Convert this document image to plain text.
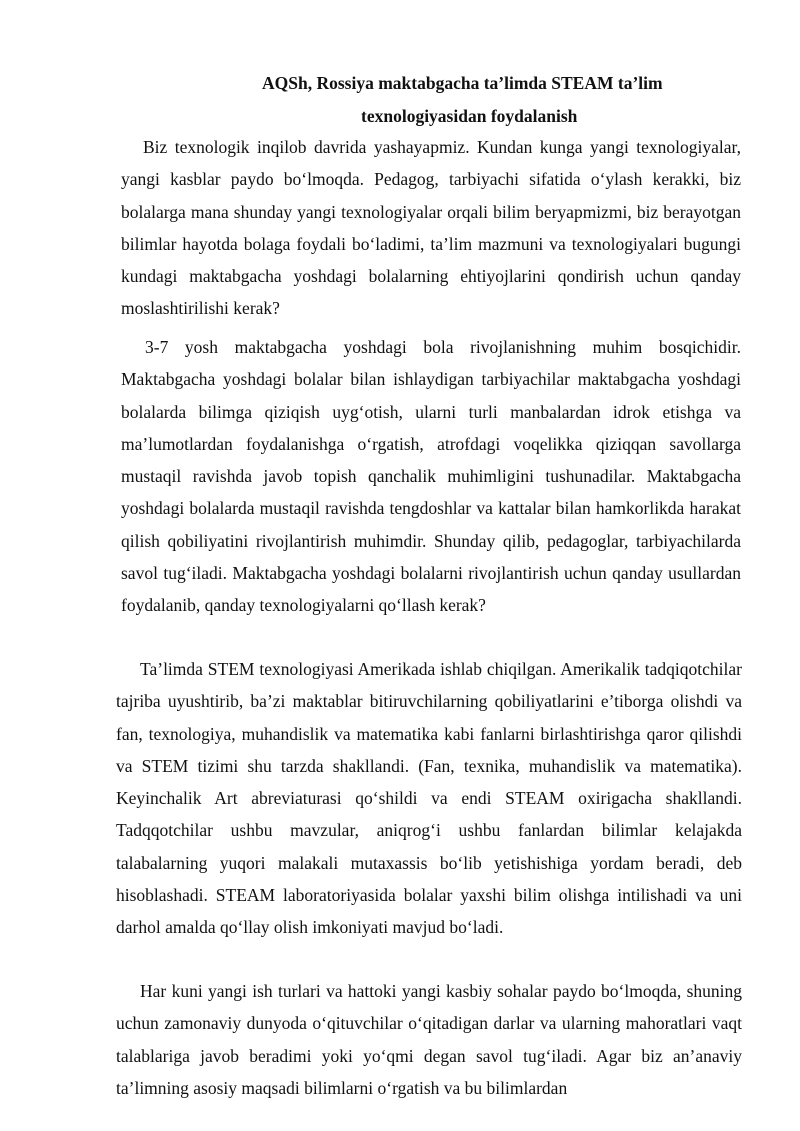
AQSh, Rossiya maktabgacha ta’limda STEAM ta’lim
texnologiyasidan foydalanish
Biz texnologik inqilob davrida yashayapmiz. Kundan kunga yangi texnologiyalar, yangi kasblar paydo bo‘lmoqda. Pedagog, tarbiyachi sifatida o‘ylash kerakki, biz bolalarga mana shunday yangi texnologiyalar orqali bilim beryapmizmi, biz berayotgan bilimlar hayotda bolaga foydali bo‘ladimi, ta’lim mazmuni va texnologiyalari bugungi kundagi maktabgacha yoshdagi bolalarning ehtiyojlarini qondirish uchun qanday moslashtirilishi kerak?
3-7 yosh maktabgacha yoshdagi bola rivojlanishning muhim bosqichidir. Maktabgacha yoshdagi bolalar bilan ishlaydigan tarbiyachilar maktabgacha yoshdagi bolalarda bilimga qiziqish uyg‘otish, ularni turli manbalardan idrok etishga va ma’lumotlardan foydalanishga o‘rgatish, atrofdagi voqelikka qiziqqan savollarga mustaqil ravishda javob topish qanchalik muhimligini tushunadilar. Maktabgacha yoshdagi bolalarda mustaqil ravishda tengdoshlar va kattalar bilan hamkorlikda harakat qilish qobiliyatini rivojlantirish muhimdir. Shunday qilib, pedagoglar, tarbiyachilarda savol tug‘iladi. Maktabgacha yoshdagi bolalarni rivojlantirish uchun qanday usullardan foydalanib, qanday texnologiyalarni qo‘llash kerak?
Ta’limda STEM texnologiyasi Amerikada ishlab chiqilgan. Amerikalik tadqiqotchilar tajriba uyushtirib, ba’zi maktablar bitiruvchilarning qobiliyatlarini e’tiborga olishdi va fan, texnologiya, muhandislik va matematika kabi fanlarni birlashtirishga qaror qilishdi va STEM tizimi shu tarzda shakllandi. (Fan, texnika, muhandislik va matematika). Keyinchalik Art abreviaturasi qo‘shildi va endi STEAM oxirigacha shakllandi. Tadqqotchilar ushbu mavzular, aniqrog‘i ushbu fanlardan bilimlar kelajakda talabalarning yuqori malakali mutaxassis bo‘lib yetishishiga yordam beradi, deb hisoblashadi. STEAM laboratoriyasida bolalar yaxshi bilim olishga intilishadi va uni darhol amalda qo‘llay olish imkoniyati mavjud bo‘ladi.
Har kuni yangi ish turlari va hattoki yangi kasbiy sohalar paydo bo‘lmoqda, shuning uchun zamonaviy dunyoda o‘qituvchilar o‘qitadigan darlar va ularning mahoratlari vaqt talablariga javob beradimi yoki yo‘qmi degan savol tug‘iladi. Agar biz an’anaviy ta’limning asosiy maqsadi bilimlarni o‘rgatish va bu bilimlardan
